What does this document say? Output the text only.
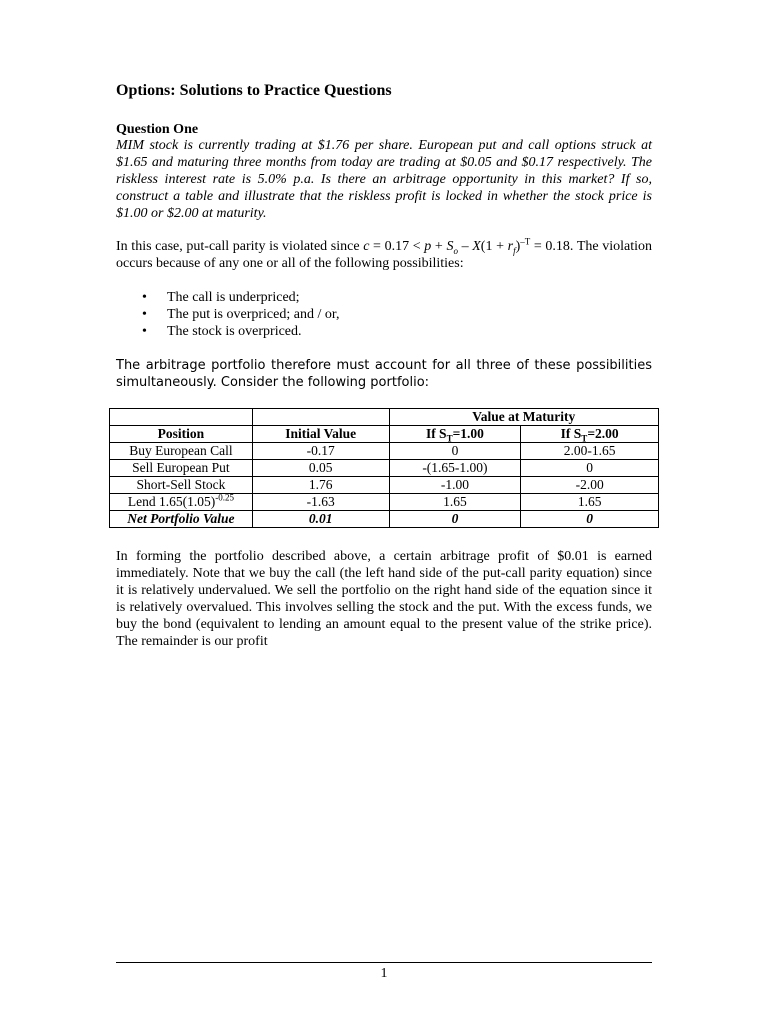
Options: Solutions to Practice Questions
Question One
MIM stock is currently trading at $1.76 per share. European put and call options struck at $1.65 and maturing three months from today are trading at $0.05 and $0.17 respectively. The riskless interest rate is 5.0% p.a. Is there an arbitrage opportunity in this market? If so, construct a table and illustrate that the riskless profit is locked in whether the stock price is $1.00 or $2.00 at maturity.
In this case, put-call parity is violated since $c = 0.17 < p + S_o - X(1 + r_f)^{-T} = 0.18$. The violation occurs because of any one or all of the following possibilities:
• The call is underpriced;
• The put is overpriced; and / or,
• The stock is overpriced.
The arbitrage portfolio therefore must account for all three of these possibilities simultaneously. Consider the following portfolio:
		Value at Maturity	
Position	Initial Value	If $S_T=1.00$	If $S_T=2.00$
Buy European Call	-0.17	0	2.00-1.65
Sell European Put	0.05	-(1.65-1.00)	0
Short-Sell Stock	1.76	-1.00	-2.00
Lend $1.65(1.05)^{-0.25}$	-1.63	1.65	1.65
Net Portfolio Value	0.01	0	0
In forming the portfolio described above, a certain arbitrage profit of $0.01 is earned immediately. Note that we buy the call (the left hand side of the put-call parity equation) since it is relatively undervalued. We sell the portfolio on the right hand side of the equation since it is relatively overvalued. This involves selling the stock and the put. With the excess funds, we buy the bond (equivalent to lending an amount equal to the present value of the strike price). The remainder is our profit
1
